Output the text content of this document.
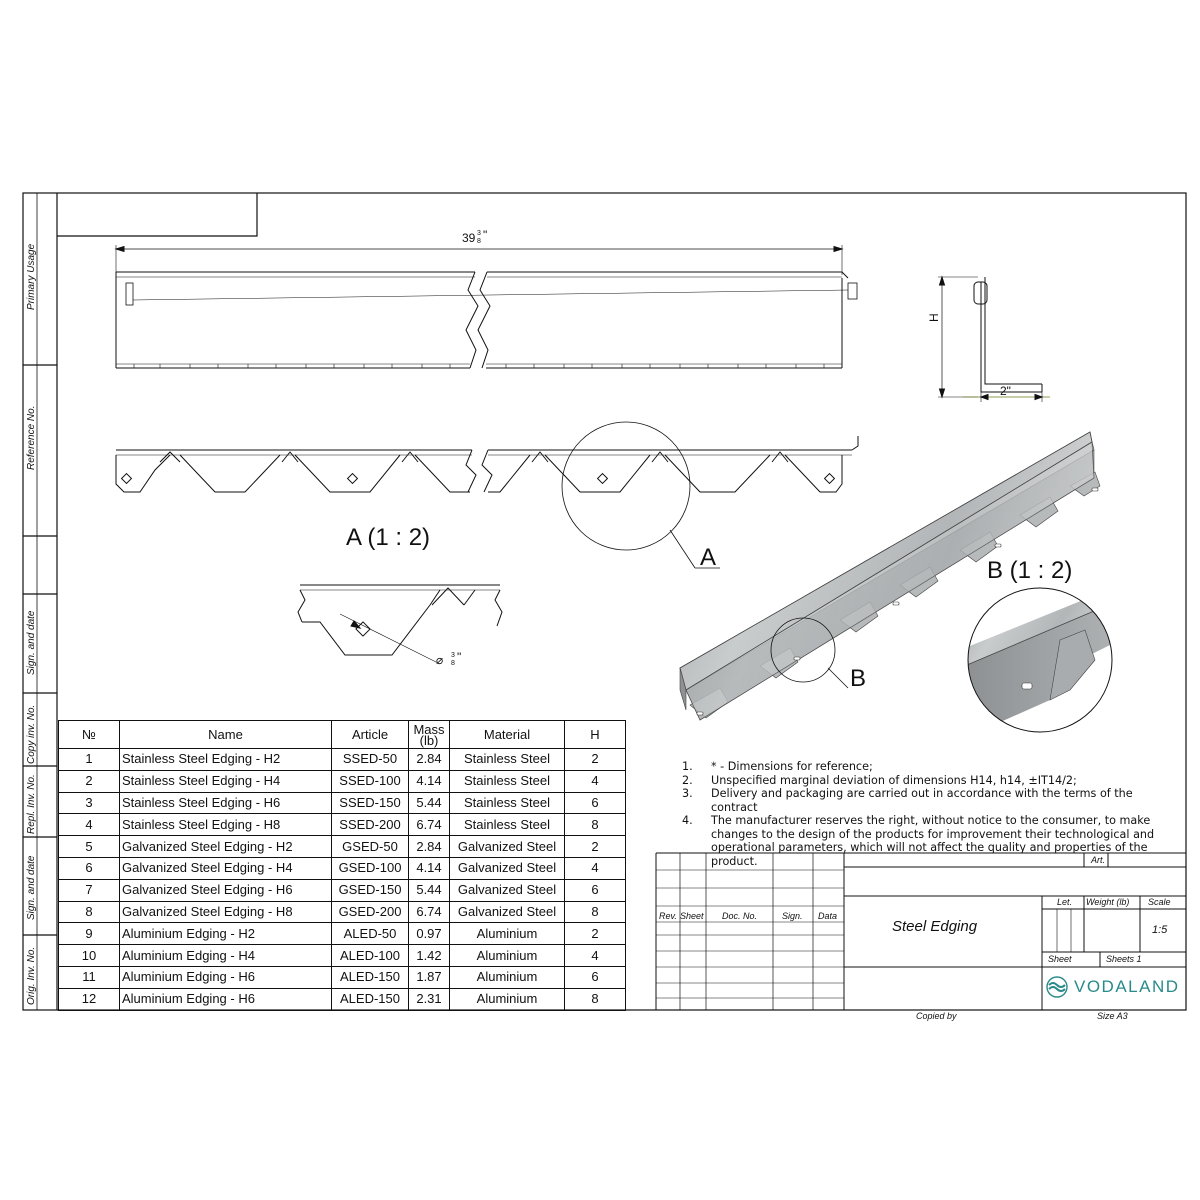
Primary Usage
Reference No.
Sign. and date
Copy inv. No.
Repl. Inv. No.
Sign. and date
Orig. Inv. No.
39 3
8 "
H
2"
A
A (1 : 2)
⌀ 3
8 "
B
B (1 : 2)
Art.
Rev. Sheet Doc. No.	Sign. Data
Let. Weight (lb) Scale
Sheet	Sheets 1
Copied by	Size A3
№	Name	Article	Mass (lb)	Material	H
1	Stainless Steel Edging - H2	SSED-50	2.84	Stainless Steel	2
2	Stainless Steel Edging - H4	SSED-100	4.14	Stainless Steel	4
3	Stainless Steel Edging - H6	SSED-150	5.44	Stainless Steel	6
4	Stainless Steel Edging - H8	SSED-200	6.74	Stainless Steel	8
5	Galvanized Steel Edging - H2	GSED-50	2.84	Galvanized Steel	2
6	Galvanized Steel Edging - H4	GSED-100	4.14	Galvanized Steel	4
7	Galvanized Steel Edging - H6	GSED-150	5.44	Galvanized Steel	6
8	Galvanized Steel Edging - H8	GSED-200	6.74	Galvanized Steel	8
9	Aluminium Edging - H2	ALED-50	0.97	Aluminium	2
10	Aluminium Edging - H4	ALED-100	1.42	Aluminium	4
11	Aluminium Edging - H6	ALED-150	1.87	Aluminium	6
12	Aluminium Edging - H6	ALED-150	2.31	Aluminium	8
1.	* - Dimensions for reference;
2.	Unspecified marginal deviation of dimensions H14, h14, ±IT14/2;
3.	Delivery and packaging are carried out in accordance with the terms of the contract
4.	The manufacturer reserves the right, without notice to the consumer, to make changes to the design of the products for improvement their technological and operational parameters, which will not affect the quality and properties of the product.
Steel Edging	1:5
VODALAND
